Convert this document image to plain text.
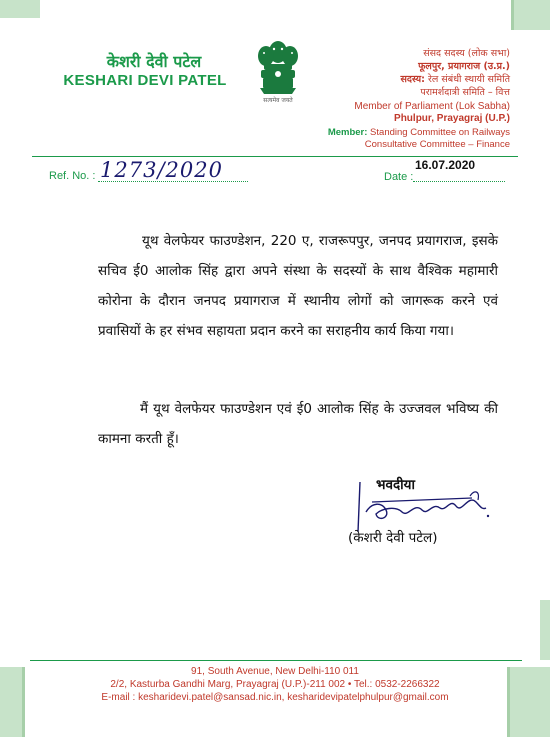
केशरी देवी पटेल
KESHARI DEVI PATEL
सत्यमेव जयते
संसद सदस्य (लोक सभा)
फूलपुर, प्रयागराज (उ.प्र.)
सदस्य: रेल संबंधी स्थायी समिति
परामर्शदात्री समिति – वित्त
Member of Parliament (Lok Sabha)
Phulpur, Prayagraj (U.P.)
Member: Standing Committee on Railways
Consultative Committee – Finance
Ref. No. : 1273/2020	Date :
16.07.2020
यूथ वेलफेयर फाउण्डेशन, 220 ए, राजरूपपुर, जनपद प्रयागराज, इसके सचिव ई0 आलोक सिंह द्वारा अपने संस्था के सदस्यों के साथ वैश्विक महामारी कोरोना के दौरान जनपद प्रयागराज में स्थानीय लोगों को जागरूक करने एवं प्रवासियों के हर संभव सहायता प्रदान करने का सराहनीय कार्य किया गया।
मैं यूथ वेलफेयर फाउण्डेशन एवं ई0 आलोक सिंह के उज्जवल भविष्य की कामना करती हूँ।
भवदीया
(केशरी देवी पटेल)
91, South Avenue, New Delhi-110 011
2/2, Kasturba Gandhi Marg, Prayagraj (U.P.)-211 002 • Tel.: 0532-2266322
E-mail : kesharidevi.patel@sansad.nic.in, kesharidevipatelphulpur@gmail.com
